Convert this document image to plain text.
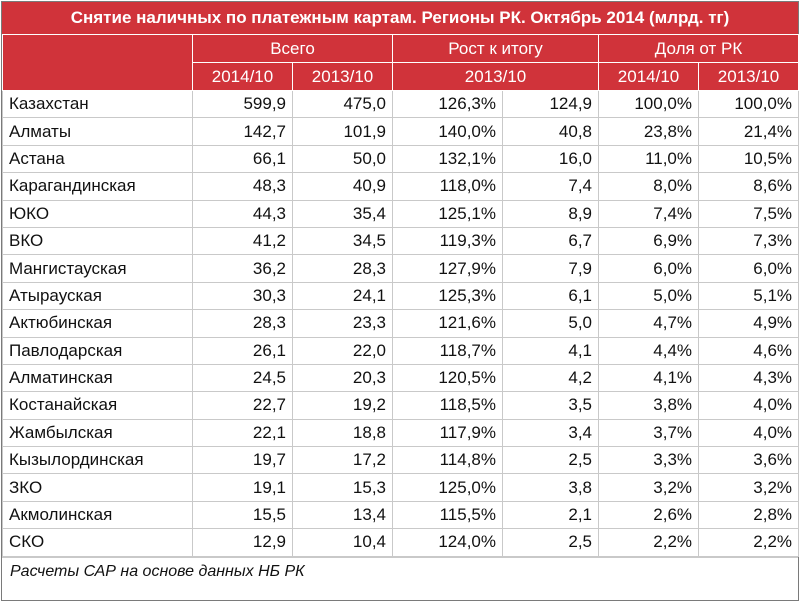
Снятие наличных по платежным картам. Регионы РК. Октябрь 2014 (млрд. тг)
	Всего		Рост к итогу		Доля от РК	
	2014/10	2013/10	2013/10		2014/10	2013/10
Казахстан	599,9	475,0	126,3%	124,9	100,0%	100,0%
Алматы	142,7	101,9	140,0%	40,8	23,8%	21,4%
Астана	66,1	50,0	132,1%	16,0	11,0%	10,5%
Карагандинская	48,3	40,9	118,0%	7,4	8,0%	8,6%
ЮКО	44,3	35,4	125,1%	8,9	7,4%	7,5%
ВКО	41,2	34,5	119,3%	6,7	6,9%	7,3%
Мангистауская	36,2	28,3	127,9%	7,9	6,0%	6,0%
Атырауская	30,3	24,1	125,3%	6,1	5,0%	5,1%
Актюбинская	28,3	23,3	121,6%	5,0	4,7%	4,9%
Павлодарская	26,1	22,0	118,7%	4,1	4,4%	4,6%
Алматинская	24,5	20,3	120,5%	4,2	4,1%	4,3%
Костанайская	22,7	19,2	118,5%	3,5	3,8%	4,0%
Жамбылская	22,1	18,8	117,9%	3,4	3,7%	4,0%
Кызылординская	19,7	17,2	114,8%	2,5	3,3%	3,6%
ЗКО	19,1	15,3	125,0%	3,8	3,2%	3,2%
Акмолинская	15,5	13,4	115,5%	2,1	2,6%	2,8%
СКО	12,9	10,4	124,0%	2,5	2,2%	2,2%
Расчеты САР на основе данных НБ РК
